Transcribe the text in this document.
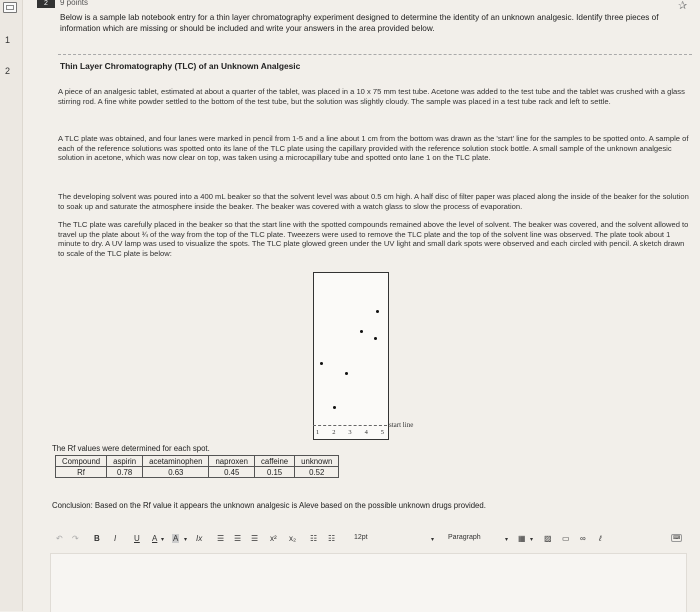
1
2
2	9 points	✰
Below is a sample lab notebook entry for a thin layer chromatography experiment designed to determine the identity of an unknown analgesic. Identify three pieces of information which are missing or should be included and write your answers in the area provided below.
Thin Layer Chromatography (TLC) of an Unknown Analgesic

A piece of an analgesic tablet, estimated at about a quarter of the tablet, was placed in a 10 x 75 mm test tube. Acetone was added to the test tube and the tablet was crushed with a glass stirring rod. A fine white powder settled to the bottom of the test tube, but the solution was slightly cloudy. The sample was placed in a test tube rack and left to settle.

A TLC plate was obtained, and four lanes were marked in pencil from 1-5 and a line about 1 cm from the bottom was drawn as the 'start' line for the samples to be spotted onto. A sample of each of the reference solutions was spotted onto its lane of the TLC plate using the capillary provided with the reference solution stock bottle. A small sample of the unknown analgesic solution in acetone, which was now clear on top, was taken using a microcapillary tube and spotted onto lane 1 on the TLC plate.

The developing solvent was poured into a 400 mL beaker so that the solvent level was about 0.5 cm high. A half disc of filter paper was placed along the inside of the beaker for the solution to soak up and saturate the atmosphere inside the beaker. The beaker was covered with a watch glass to slow the process of evaporation.

The TLC plate was carefully placed in the beaker so that the start line with the spotted compounds remained above the level of solvent. The beaker was covered, and the solvent allowed to travel up the plate about ¾ of the way from the top of the TLC plate. Tweezers were used to remove the TLC plate and the top of the solvent line was observed. The plate took about 1 minute to dry. A UV lamp was used to visualize the spots. The TLC plate glowed green under the UV light and small dark spots were observed and each circled with pencil. A sketch drawn to scale of the TLC plate is below:

1 2 3 4 5
start line
The Rf values were determined for each spot.
Compound	aspirin	acetaminophen	naproxen	caffeine	unknown
Rf	0.78	0.63	0.45	0.15	0.52
Conclusion: Based on the Rf value it appears the unknown analgesic is Aleve based on the possible unknown drugs provided.
↶ ↷ B I U A ▾ A ▾ Ix ☰ ☰ ☰ x² x₂ ☷ ☷	12pt	▾ Paragraph	▾ ▦ ▾ ▨ ▭ ∞ ℓ	⌨
